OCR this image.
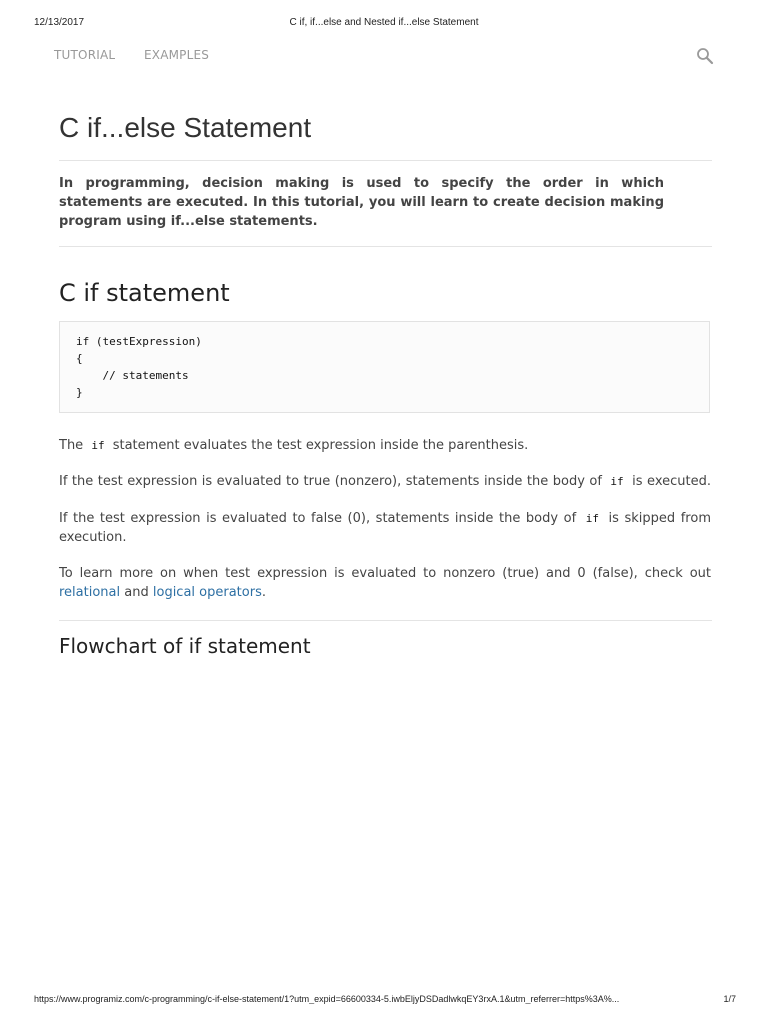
12/13/2017	C if, if...else and Nested if...else Statement
TUTORIAL EXAMPLES
C if...else Statement

In programming, decision making is used to specify the order in which statements are executed. In this tutorial, you will learn to create decision making program using if...else statements.

C if statement
if (testExpression)
{
// statements
}

The if statement evaluates the test expression inside the parenthesis.

If the test expression is evaluated to true (nonzero), statements inside the body of if is executed.

If the test expression is evaluated to false (0), statements inside the body of if is skipped from execution.

To learn more on when test expression is evaluated to nonzero (true) and 0 (false), check out relational and logical operators.

Flowchart of if statement
https://www.programiz.com/c-programming/c-if-else-statement/1?utm_expid=66600334-5.iwbEljyDSDadlwkqEY3rxA.1&utm_referrer=https%3A%...	1/7
